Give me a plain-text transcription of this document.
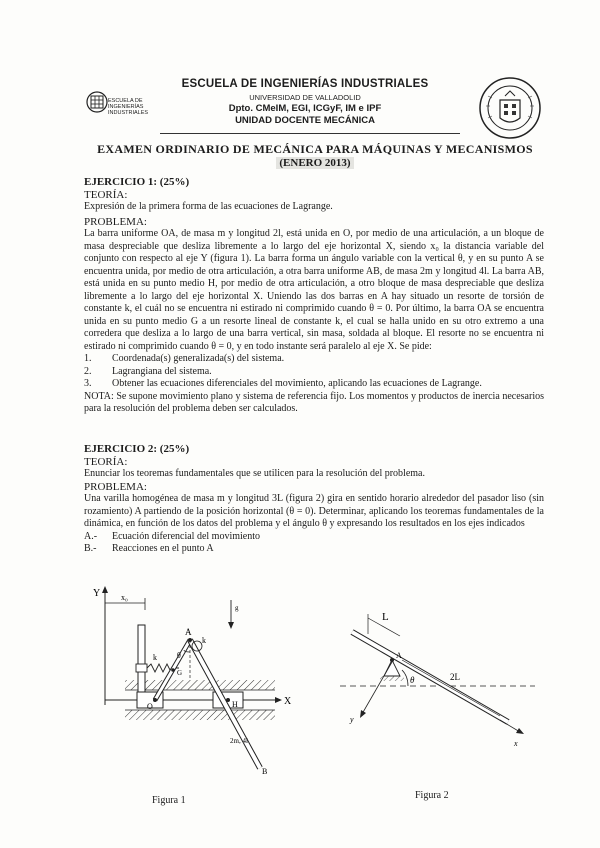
ESCUELA DE INGENIERÍAS INDUSTRIALES
ESCUELA DE INGENIERÍAS INDUSTRIALES
UNIVERSIDAD DE VALLADOLID
Dpto. CMeIM, EGI, ICGyF, IM e IPF
UNIDAD DOCENTE MECÁNICA
EXAMEN ORDINARIO DE MECÁNICA PARA MÁQUINAS Y MECANISMOS
(ENERO 2013)
EJERCICIO 1: (25%)
TEORÍA:
Expresión de la primera forma de las ecuaciones de Lagrange.
PROBLEMA:
La barra uniforme OA, de masa m y longitud 2l, está unida en O, por medio de una articulación, a un bloque de masa despreciable que desliza libremente a lo largo del eje horizontal X, siendo x₀ la distancia variable del conjunto con respecto al eje Y (figura 1). La barra forma un ángulo variable con la vertical θ, y en su punto A se encuentra unida, por medio de otra articulación, a otra barra uniforme AB, de masa 2m y longitud 4l. La barra AB, está unida en su punto medio H, por medio de otra articulación, a otro bloque de masa despreciable que desliza libremente a lo largo del eje horizontal X. Uniendo las dos barras en A hay situado un resorte de torsión de constante k, el cuál no se encuentra ni estirado ni comprimido cuando θ = 0. Por último, la barra OA se encuentra unida en su punto medio G a un resorte lineal de constante k, el cual se halla unido en su otro extremo a una corredera que desliza a lo largo de una barra vertical, sin masa, soldada al bloque. El resorte no se encuentra ni estirado ni comprimido cuando θ = 0, y en todo instante será paralelo al eje X. Se pide:
1.	Coordenada(s) generalizada(s) del sistema.
2.	Lagrangiana del sistema.
3.	Obtener las ecuaciones diferenciales del movimiento, aplicando las ecuaciones de Lagrange.
NOTA: Se supone movimiento plano y sistema de referencia fijo. Los momentos y productos de inercia necesarios para la resolución del problema deben ser calculados.
EJERCICIO 2: (25%)
TEORÍA:
Enunciar los teoremas fundamentales que se utilicen para la resolución del problema.
PROBLEMA:
Una varilla homogénea de masa m y longitud 3L (figura 2) gira en sentido horario alrededor del pasador liso (sin rozamiento) A partiendo de la posición horizontal (θ = 0). Determinar, aplicando los teoremas fundamentales de la dinámica, en función de los datos del problema y el ángulo θ y expresando los resultados en los ejes indicados
A.-	Ecuación diferencial del movimiento
B.-	Reacciones en el punto A
Y	x₀
g
X
k	θ
k
A
G
O	H
2m, 4l
B
Figura 1
L
2L
A
θ
y
x
Figura 2
